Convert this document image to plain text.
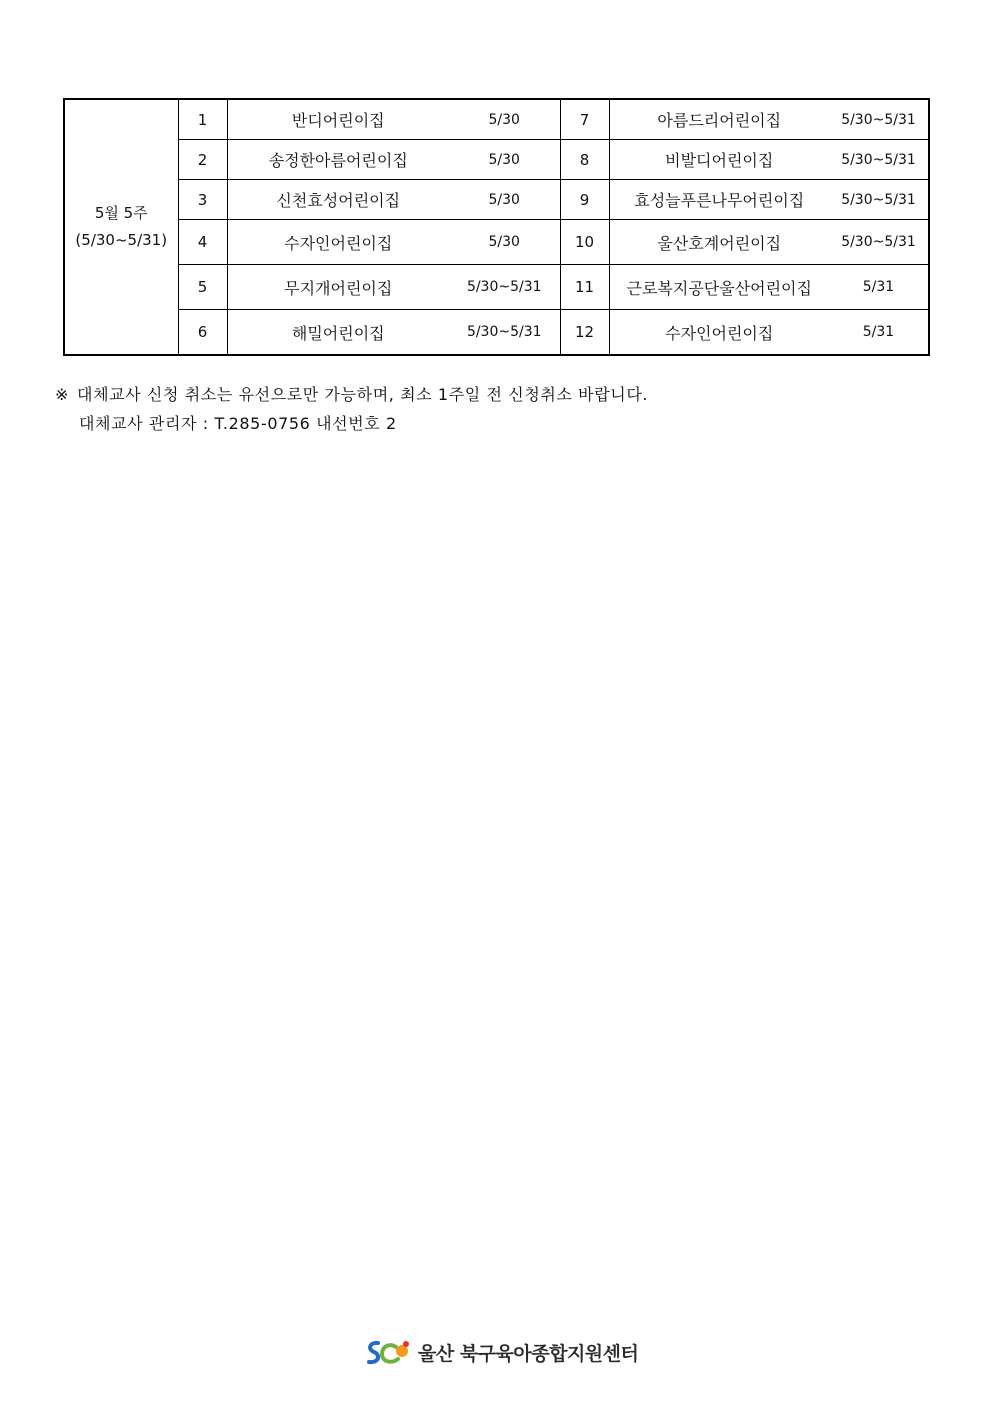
5월 5주
(5/30~5/31)	1	반디어린이집	5/30	7	아름드리어린이집	5/30~5/31
	2	송정한아름어린이집	5/30	8	비발디어린이집	5/30~5/31
	3	신천효성어린이집	5/30	9	효성늘푸른나무어린이집	5/30~5/31
	4	수자인어린이집	5/30	10	울산호계어린이집	5/30~5/31
	5	무지개어린이집	5/30~5/31	11	근로복지공단울산어린이집	5/31
	6	해밀어린이집	5/30~5/31	12	수자인어린이집	5/31
※ 대체교사 신청 취소는 유선으로만 가능하며, 최소 1주일 전 신청취소 바랍니다.
대체교사 관리자 : T.285-0756 내선번호 2
울산 북구육아종합지원센터
